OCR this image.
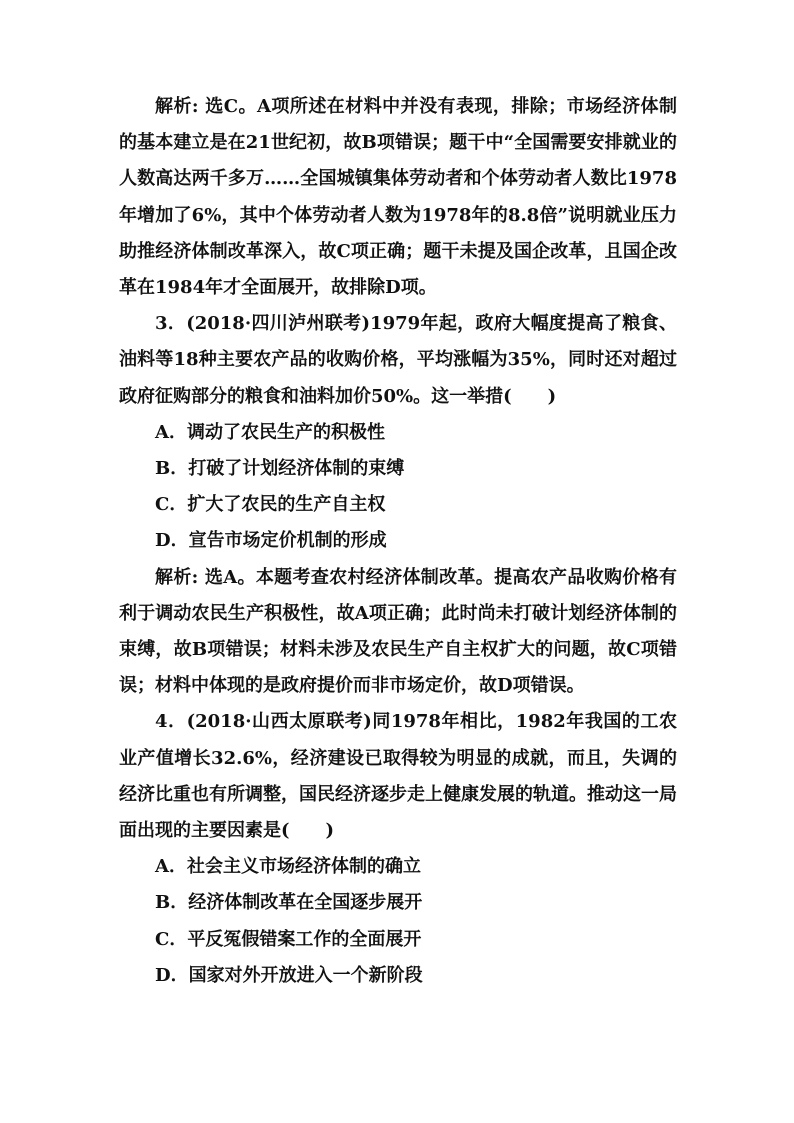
解析: 选C。A项所述在材料中并没有表现，排除；市场经济体制的基本建立是在21世纪初，故B项错误；题干中“全国需要安排就业的人数高达两千多万……全国城镇集体劳动者和个体劳动者人数比1978年增加了6%，其中个体劳动者人数为1978年的8.8倍”说明就业压力助推经济体制改革深入，故C项正确；题干未提及国企改革，且国企改革在1984年才全面展开，故排除D项。

3．(2018·四川泸州联考)1979年起，政府大幅度提高了粮食、油料等18种主要农产品的收购价格，平均涨幅为35%，同时还对超过政府征购部分的粮食和油料加价50%。这一举措(　　)

A．调动了农民生产的积极性

B．打破了计划经济体制的束缚

C．扩大了农民的生产自主权

D．宣告市场定价机制的形成

解析: 选A。本题考查农村经济体制改革。提高农产品收购价格有利于调动农民生产积极性，故A项正确；此时尚未打破计划经济体制的束缚，故B项错误；材料未涉及农民生产自主权扩大的问题，故C项错误；材料中体现的是政府提价而非市场定价，故D项错误。

4．(2018·山西太原联考)同1978年相比，1982年我国的工农业产值增长32.6%，经济建设已取得较为明显的成就，而且，失调的经济比重也有所调整，国民经济逐步走上健康发展的轨道。推动这一局面出现的主要因素是(　　)

A．社会主义市场经济体制的确立

B．经济体制改革在全国逐步展开

C．平反冤假错案工作的全面展开

D．国家对外开放进入一个新阶段
